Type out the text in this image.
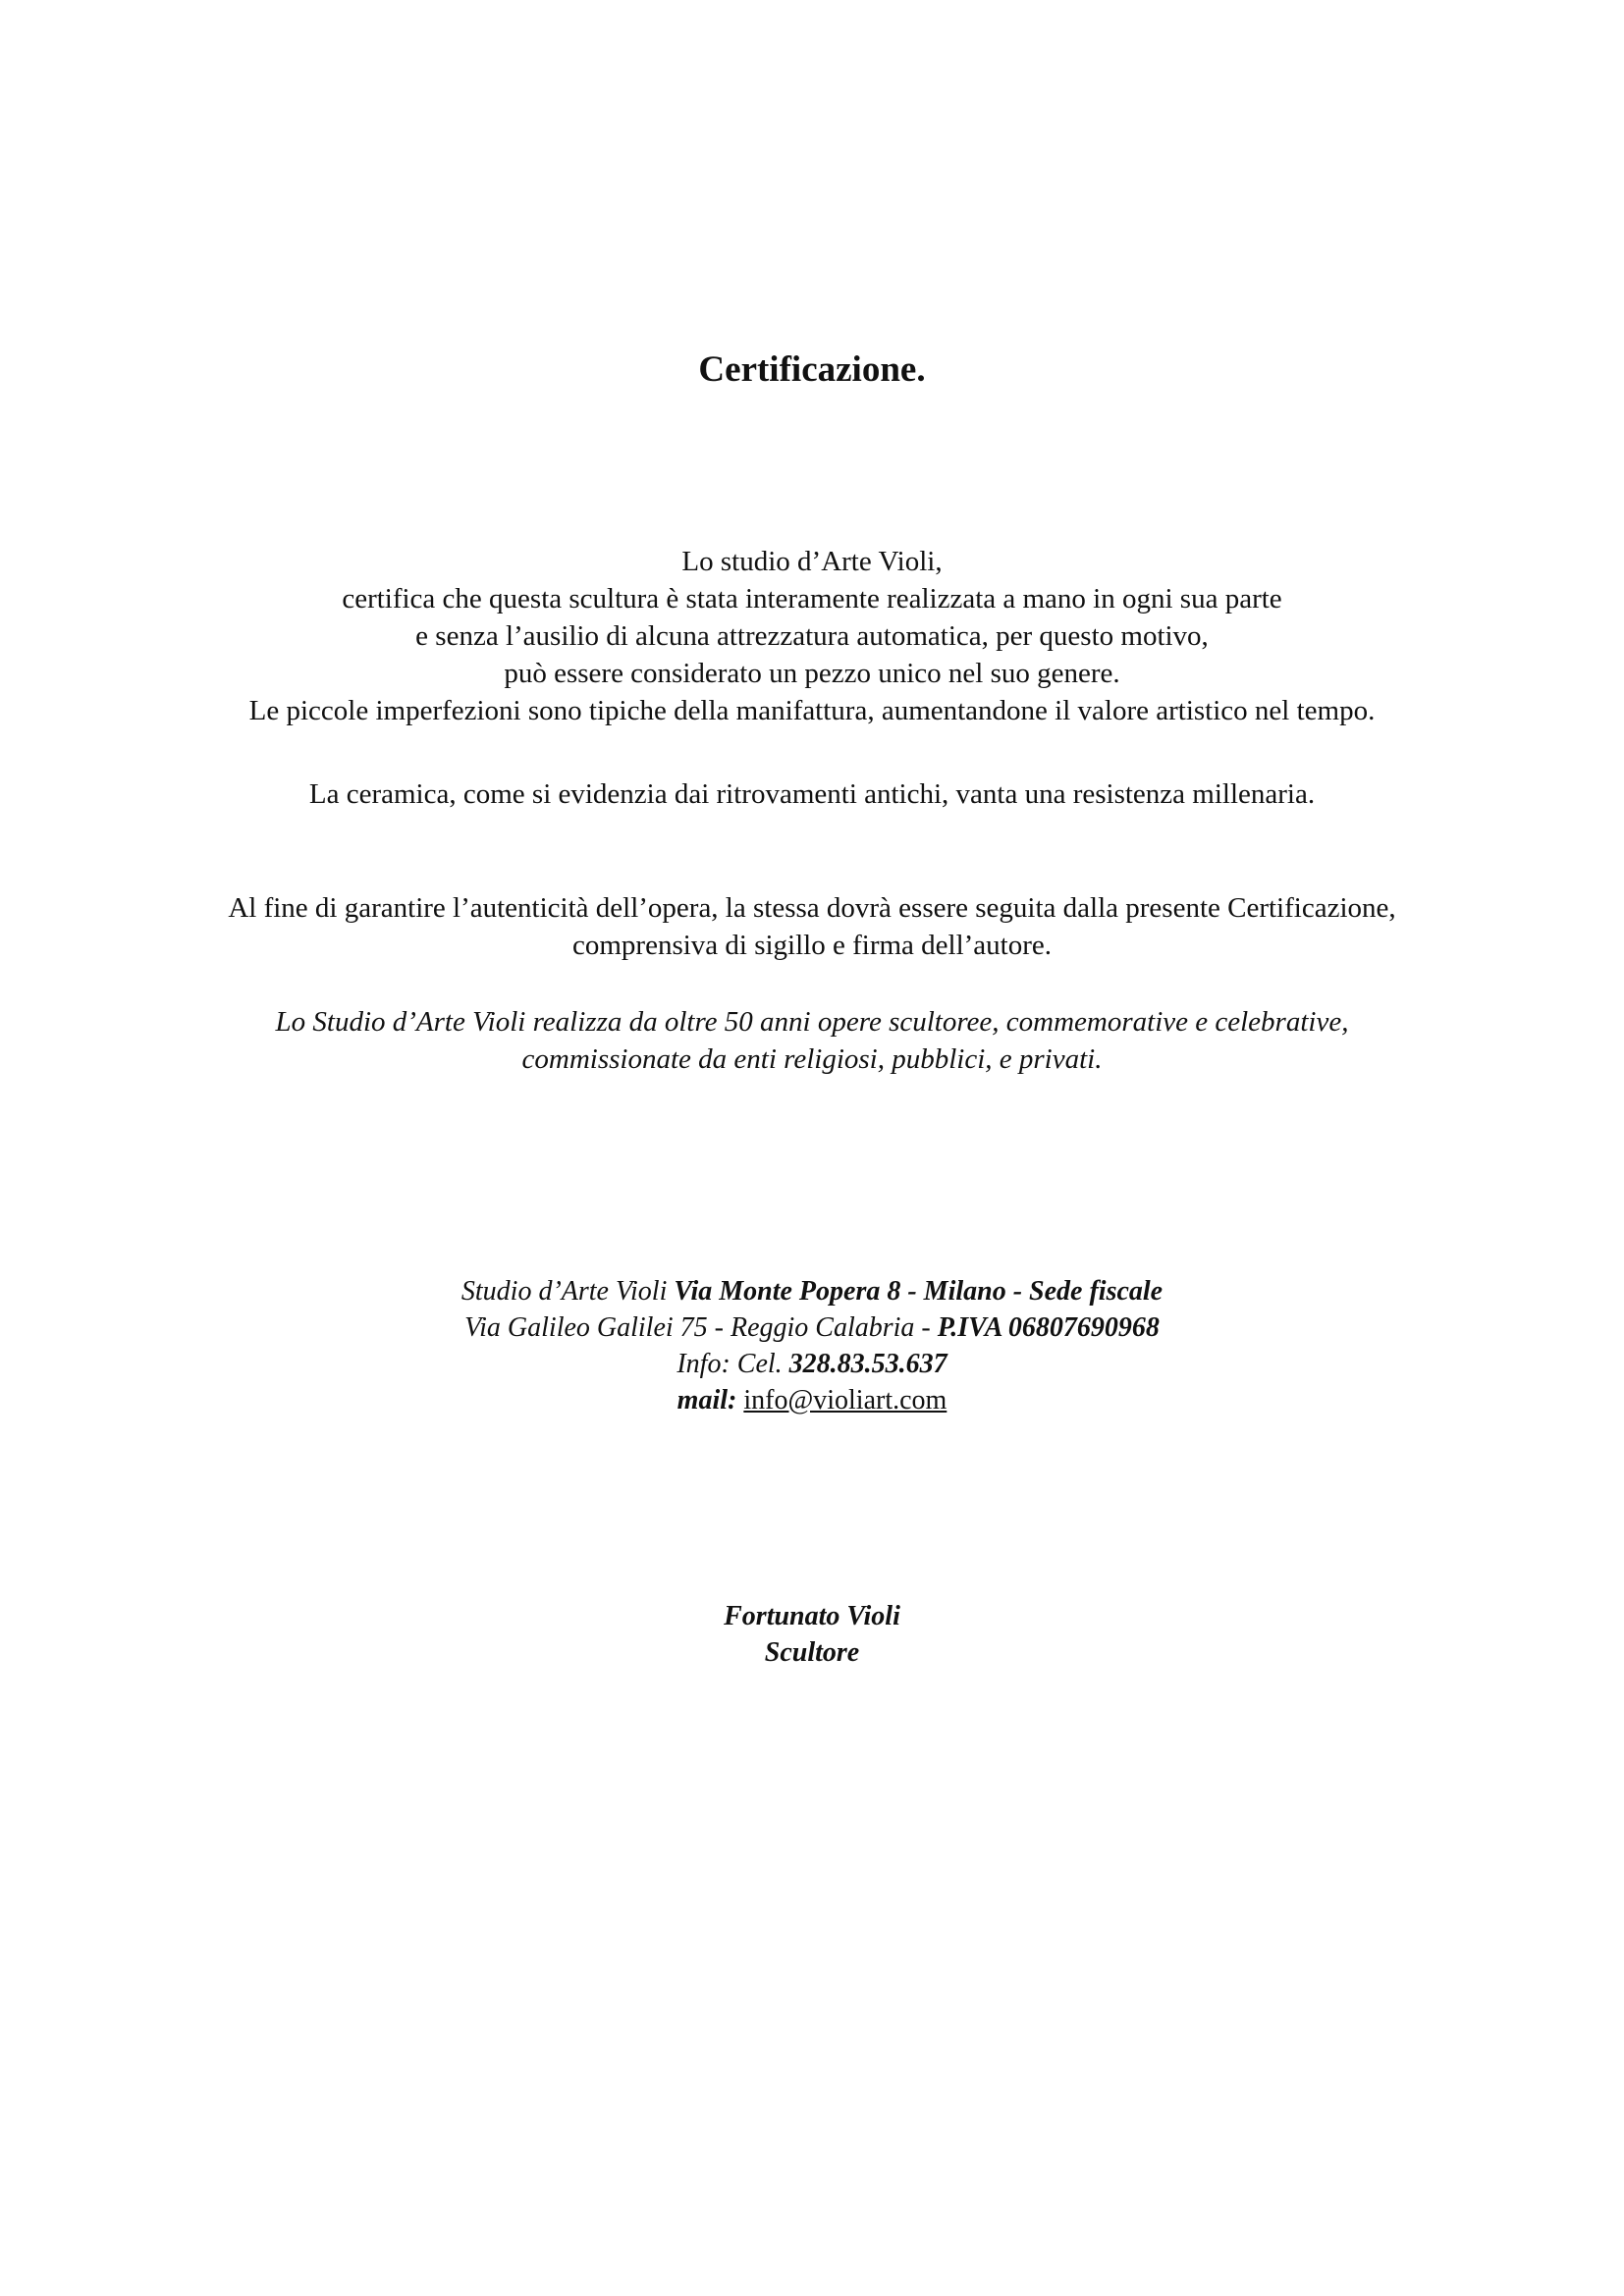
Certificazione.
Lo studio d’Arte Violi,
certifica che questa scultura è stata interamente realizzata a mano in ogni sua parte
e senza l’ausilio di alcuna attrezzatura automatica, per questo motivo,
può essere considerato un pezzo unico nel suo genere.
Le piccole imperfezioni sono tipiche della manifattura, aumentandone il valore artistico nel tempo.
La ceramica, come si evidenzia dai ritrovamenti antichi, vanta una resistenza millenaria.
Al fine di garantire l’autenticità dell’opera, la stessa dovrà essere seguita dalla presente Certificazione,
comprensiva di sigillo e firma dell’autore.
Lo Studio d’Arte Violi realizza da oltre 50 anni opere scultoree, commemorative e celebrative,
commissionate da enti religiosi, pubblici, e privati.
Studio d’Arte Violi Via Monte Popera 8 - Milano - Sede fiscale
Via Galileo Galilei 75 - Reggio Calabria - P.IVA 06807690968
Info: Cel. 328.83.53.637
mail: info@violiart.com
Fortunato Violi
Scultore
